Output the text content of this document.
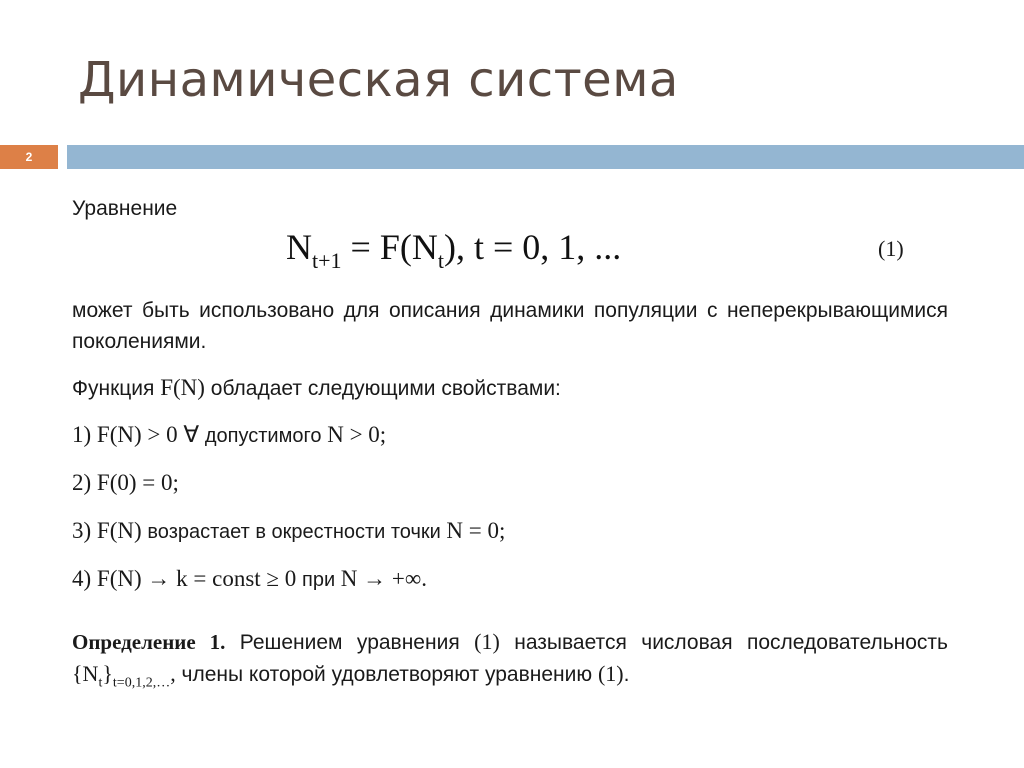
Динамическая система
2
Уравнение
$N_{t+1} = F(N_t)$, t = 0, 1, ...	(1)
может быть использовано для описания динамики популяции с неперекрывающимися поколениями.
Функция F(N) обладает следующими свойствами:
1) F(N) > 0 ∀ допустимого N > 0;
2) F(0) = 0;
3) F(N) возрастает в окрестности точки N = 0;
4) F(N) → k = const ≥ 0 при N → +∞.
Определение 1. Решением уравнения (1) называется числовая последовательность $\{N_t\}_{t=0,1,2,\dots}$, члены которой удовлетворяют уравнению (1).
